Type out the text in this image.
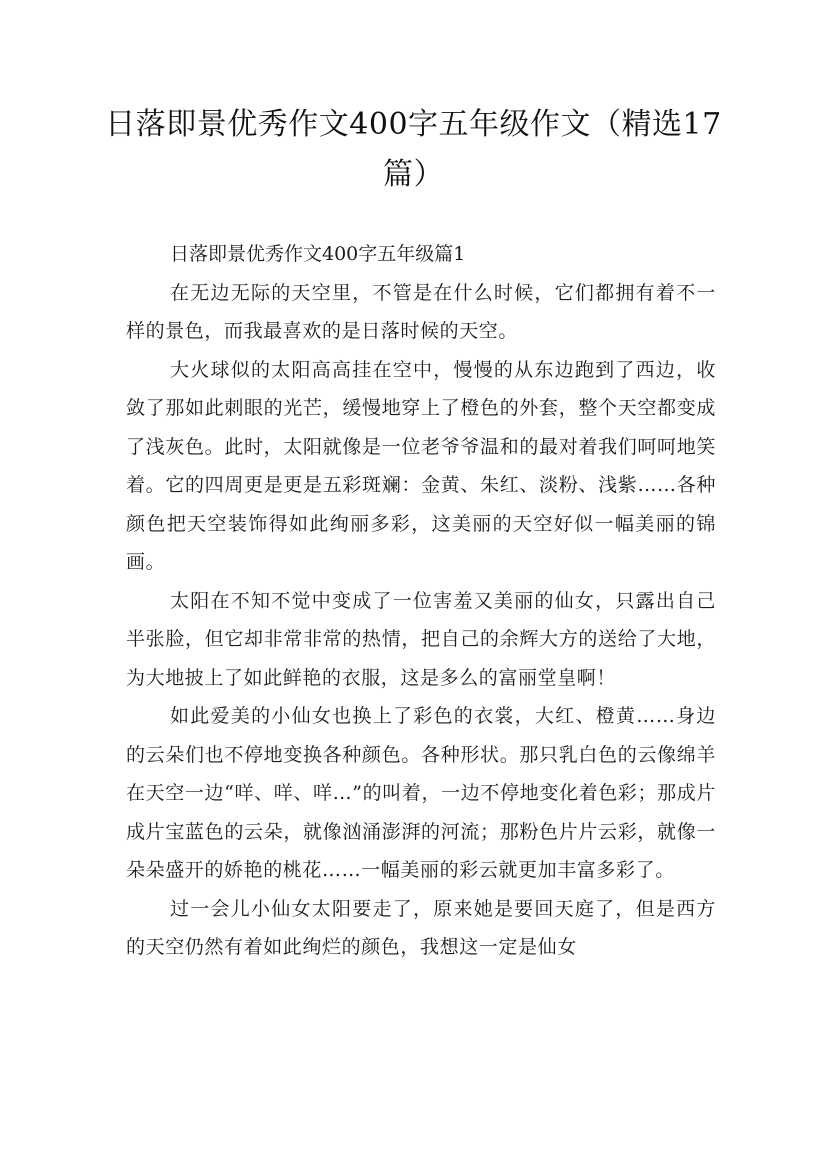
日落即景优秀作文400字五年级作文（精选17篇）
日落即景优秀作文400字五年级篇1

在无边无际的天空里，不管是在什么时候，它们都拥有着不一样的景色，而我最喜欢的是日落时候的天空。

大火球似的太阳高高挂在空中，慢慢的从东边跑到了西边，收敛了那如此刺眼的光芒，缓慢地穿上了橙色的外套，整个天空都变成了浅灰色。此时，太阳就像是一位老爷爷温和的最对着我们呵呵地笑着。它的四周更是更是五彩斑斓：金黄、朱红、淡粉、浅紫……各种颜色把天空装饰得如此绚丽多彩，这美丽的天空好似一幅美丽的锦画。

太阳在不知不觉中变成了一位害羞又美丽的仙女，只露出自己半张脸，但它却非常非常的热情，把自己的余辉大方的送给了大地，为大地披上了如此鲜艳的衣服，这是多么的富丽堂皇啊！

如此爱美的小仙女也换上了彩色的衣裳，大红、橙黄……身边的云朵们也不停地变换各种颜色。各种形状。那只乳白色的云像绵羊在天空一边“咩、咩、咩…”的叫着，一边不停地变化着色彩；那成片成片宝蓝色的云朵，就像汹涌澎湃的河流；那粉色片片云彩，就像一朵朵盛开的娇艳的桃花……一幅美丽的彩云就更加丰富多彩了。

过一会儿小仙女太阳要走了，原来她是要回天庭了，但是西方的天空仍然有着如此绚烂的颜色，我想这一定是仙女
